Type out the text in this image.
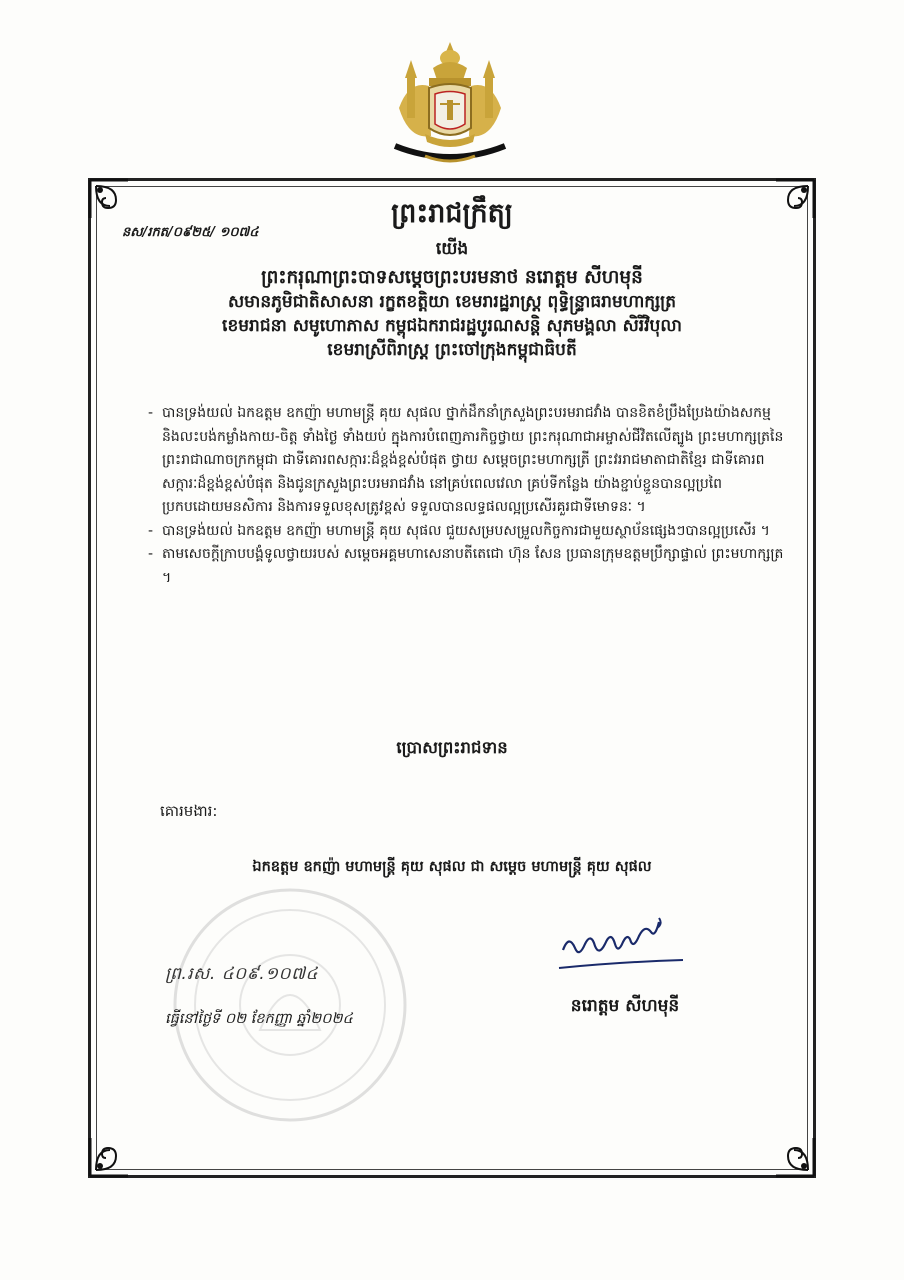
ព្រះរាជក្រឹត្យ
នស/រកត/០៩២៥/ ១០៧៤
យើង
ព្រះករុណាព្រះបាទសម្តេចព្រះបរមនាថ នរោត្តម សីហមុនី
សមានភូមិជាតិសាសនា រក្ខតខត្តិយា ខេមរារដ្ឋរាស្ត្រ ពុទ្ធិន្ទ្រាធរាមហាក្សត្រ
ខេមរាជនា សមូហោភាស កម្ពុជឯករាជរដ្ឋបូរណសន្តិ សុភមង្គលា សិរីវិបុលា
ខេមរាស្រីពិរាស្ត្រ ព្រះចៅក្រុងកម្ពុជាធិបតី
- បានទ្រង់យល់ ឯកឧត្តម ឧកញ៉ា មហាមន្ត្រី គុយ សុផល ថ្នាក់ដឹកនាំក្រសួងព្រះបរមរាជវាំង បានខិតខំប្រឹងប្រែងយ៉ាងសកម្ម និងលះបង់កម្លាំងកាយ-ចិត្ត ទាំងថ្ងៃ ទាំងយប់ ក្នុងការបំពេញភារកិច្ចថ្វាយ ព្រះករុណាជាអម្ចាស់ជីវិតលើត្បូង ព្រះមហាក្សត្រនៃព្រះរាជាណាចក្រកម្ពុជា ជាទីគោរពសក្ការៈដ៏ខ្ពង់ខ្ពស់បំផុត ថ្វាយ សម្តេចព្រះមហាក្សត្រី ព្រះវររាជមាតាជាតិខ្មែរ ជាទីគោរពសក្ការៈដ៏ខ្ពង់ខ្ពស់បំផុត និងជូនក្រសួងព្រះបរមរាជវាំង នៅគ្រប់ពេលវេលា គ្រប់ទីកន្លែង យ៉ាងខ្ជាប់ខ្ជួនបានល្អប្រពៃ ប្រកបដោយមនសិការ និងការទទួលខុសត្រូវខ្ពស់ ទទួលបានលទ្ធផលល្អប្រសើរគួរជាទីមោទនៈ ។
- បានទ្រង់យល់ ឯកឧត្តម ឧកញ៉ា មហាមន្ត្រី គុយ សុផល ជួយសម្របសម្រួលកិច្ចការជាមួយស្ថាប័នផ្សេងៗបានល្អប្រសើរ ។
- តាមសេចក្តីក្រាបបង្គំទូលថ្វាយរបស់ សម្តេចអគ្គមហាសេនាបតីតេជោ ហ៊ុន សែន ប្រធានក្រុមឧត្តមប្រឹក្សាផ្ទាល់ ព្រះមហាក្សត្រ ។
ប្រោសព្រះរាជទាន
គោរមងារ:
ឯកឧត្តម ឧកញ៉ា មហាមន្ត្រី គុយ សុផល ជា សម្តេច មហាមន្ត្រី គុយ សុផល
ព្រ.រស. ៤០៩.១០៧៤
ធ្វើនៅថ្ងៃទី ០២ ខែកញ្ញា ឆ្នាំ២០២៤
នរោត្តម សីហមុនី
